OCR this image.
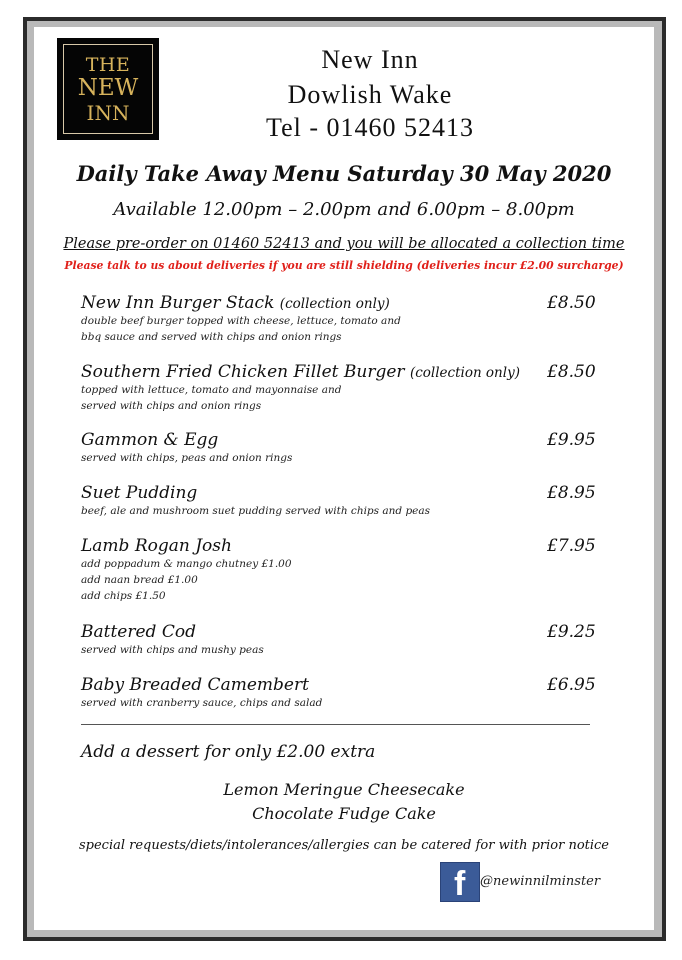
THE
NEW
INN
New Inn
Dowlish Wake
Tel - 01460 52413
Daily Take Away Menu Saturday 30 May 2020
Available 12.00pm – 2.00pm and 6.00pm – 8.00pm
Please pre-order on 01460 52413 and you will be allocated a collection time
Please talk to us about deliveries if you are still shielding (deliveries incur £2.00 surcharge)
New Inn Burger Stack (collection only)
double beef burger topped with cheese, lettuce, tomato and
bbq sauce and served with chips and onion rings
£8.50
Southern Fried Chicken Fillet Burger (collection only)
topped with lettuce, tomato and mayonnaise and
served with chips and onion rings
£8.50
Gammon & Egg
served with chips, peas and onion rings
£9.95
Suet Pudding
beef, ale and mushroom suet pudding served with chips and peas
£8.95
Lamb Rogan Josh
add poppadum & mango chutney £1.00
add naan bread £1.00
add chips £1.50
£7.95
Battered Cod
served with chips and mushy peas
£9.25
Baby Breaded Camembert
served with cranberry sauce, chips and salad
£6.95
Add a dessert for only £2.00 extra
Lemon Meringue Cheesecake
Chocolate Fudge Cake
special requests/diets/intolerances/allergies can be catered for with prior notice
f @newinnilminster
